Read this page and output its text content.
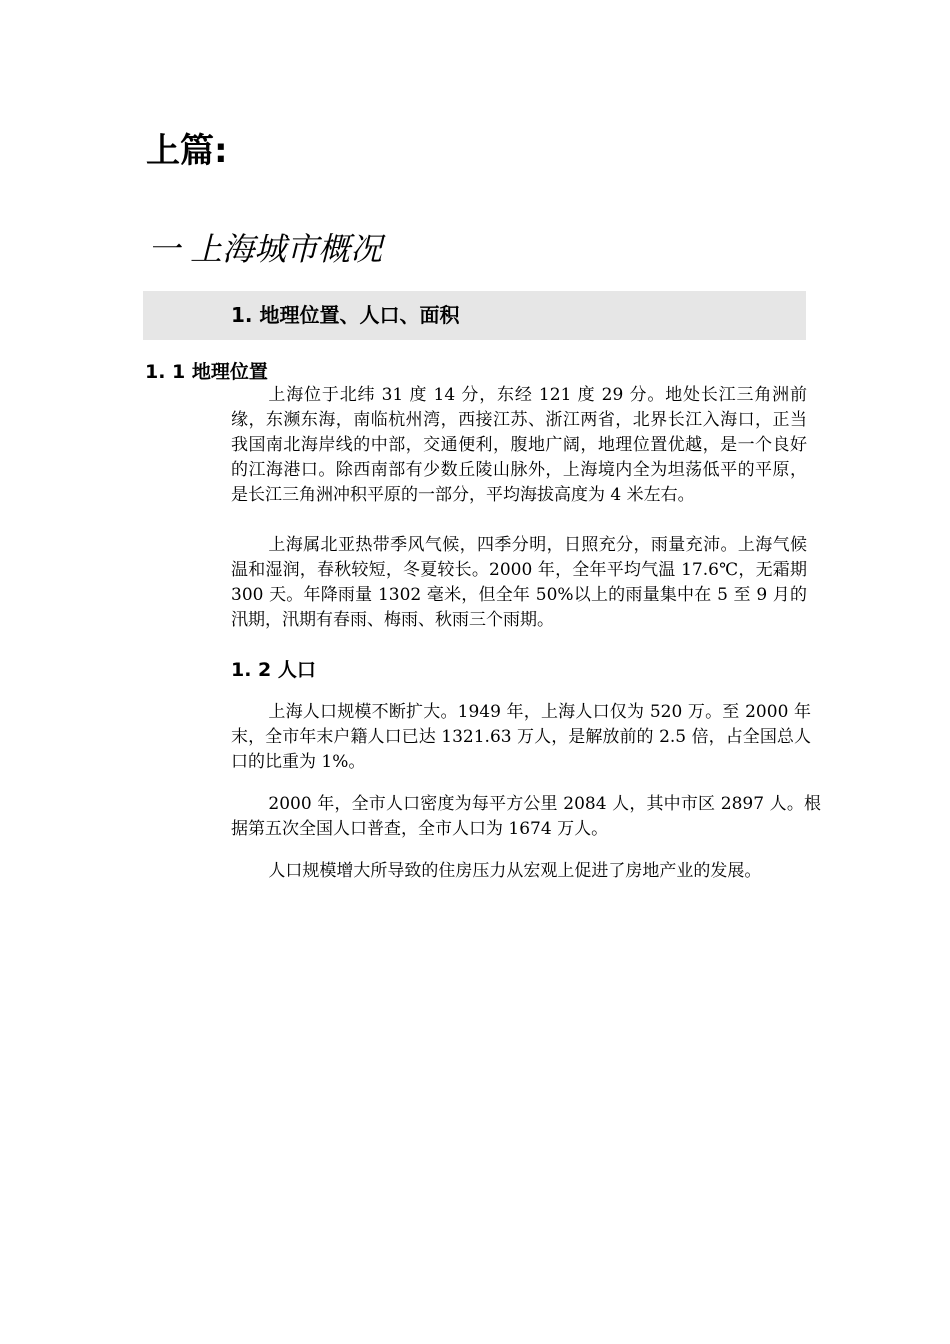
上篇:
一 上海城市概况
1. 地理位置、人口、面积
1. 1 地理位置

上海位于北纬 31 度 14 分，东经 121 度 29 分。地处长江三角洲前缘，东濒东海，南临杭州湾，西接江苏、浙江两省，北界长江入海口，正当我国南北海岸线的中部，交通便利，腹地广阔，地理位置优越，是一个良好的江海港口。除西南部有少数丘陵山脉外，上海境内全为坦荡低平的平原，是长江三角洲冲积平原的一部分，平均海拔高度为 4 米左右。

上海属北亚热带季风气候，四季分明，日照充分，雨量充沛。上海气候温和湿润，春秋较短，冬夏较长。2000 年，全年平均气温 17.6℃，无霜期 300 天。年降雨量 1302 毫米，但全年 50%以上的雨量集中在 5 至 9 月的汛期，汛期有春雨、梅雨、秋雨三个雨期。

1. 2 人口

上海人口规模不断扩大。1949 年，上海人口仅为 520 万。至 2000 年末，全市年末户籍人口已达 1321.63 万人，是解放前的 2.5 倍，占全国总人口的比重为 1%。

2000 年，全市人口密度为每平方公里 2084 人，其中市区 2897 人。根据第五次全国人口普查，全市人口为 1674 万人。

人口规模增大所导致的住房压力从宏观上促进了房地产业的发展。
